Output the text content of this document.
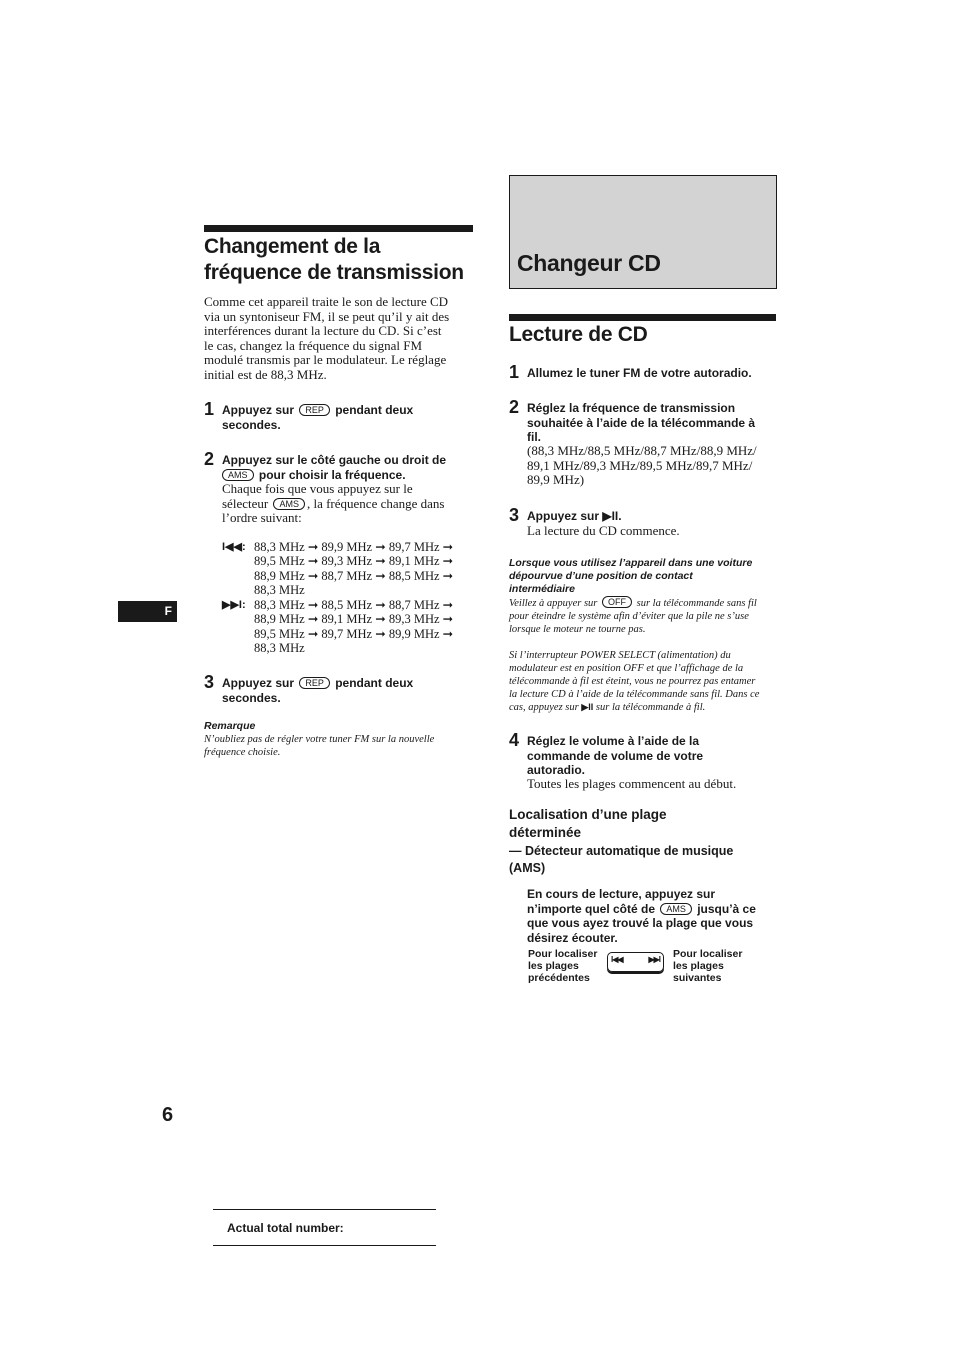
Changement de la
fréquence de transmission
Comme cet appareil traite le son de lecture CD
via un syntoniseur FM, il se peut qu’il y ait des
interférences durant la lecture du CD. Si c’est
le cas, changez la fréquence du signal FM
modulé transmis par le modulateur. Le réglage
initial est de 88,3 MHz.
1 Appuyez sur REP pendant deux
secondes.
2 Appuyez sur le côté gauche ou droit de
AMS pour choisir la fréquence.
Chaque fois que vous appuyez sur le
sélecteur AMS , la fréquence change dans
l’ordre suivant:
I◀◀: 88,3 MHz ➞ 89,9 MHz ➞ 89,7 MHz ➞
89,5 MHz ➞ 89,3 MHz ➞ 89,1 MHz ➞
88,9 MHz ➞ 88,7 MHz ➞ 88,5 MHz ➞
88,3 MHz
▶▶I: 88,3 MHz ➞ 88,5 MHz ➞ 88,7 MHz ➞
88,9 MHz ➞ 89,1 MHz ➞ 89,3 MHz ➞
89,5 MHz ➞ 89,7 MHz ➞ 89,9 MHz ➞
88,3 MHz
3 Appuyez sur REP pendant deux
secondes.
Remarque
N’oubliez pas de régler votre tuner FM sur la nouvelle
fréquence choisie.
F
6
Actual total number:
Changeur CD
Lecture de CD
1 Allumez le tuner FM de votre autoradio.
2 Réglez la fréquence de transmission
souhaitée à l’aide de la télécommande à
fil.
(88,3 MHz/88,5 MHz/88,7 MHz/88,9 MHz/
89,1 MHz/89,3 MHz/89,5 MHz/89,7 MHz/
89,9 MHz)
3 Appuyez sur ▶II.
La lecture du CD commence.
Lorsque vous utilisez l’appareil dans une voiture
dépourvue d’une position de contact
intermédiaire
Veillez à appuyer sur OFF sur la télécommande sans fil
pour éteindre le système afin d’éviter que la pile ne s’use
lorsque le moteur ne tourne pas.
Si l’interrupteur POWER SELECT (alimentation) du
modulateur est en position OFF et que l’affichage de la
télécommande à fil est éteint, vous ne pourrez pas entamer
la lecture CD à l’aide de la télécommande sans fil. Dans ce
cas, appuyez sur ▶II sur la télécommande à fil.
4 Réglez le volume à l’aide de la
commande de volume de votre
autoradio.
Toutes les plages commencent au début.
Localisation d’une plage
déterminée
— Détecteur automatique de musique
(AMS)
En cours de lecture, appuyez sur
n’importe quel côté de AMS jusqu’à ce
que vous ayez trouvé la plage que vous
désirez écouter.
Pour localiser
les plages
précédentes
I◀◀	▶▶I Pour localiser
les plages
suivantes
